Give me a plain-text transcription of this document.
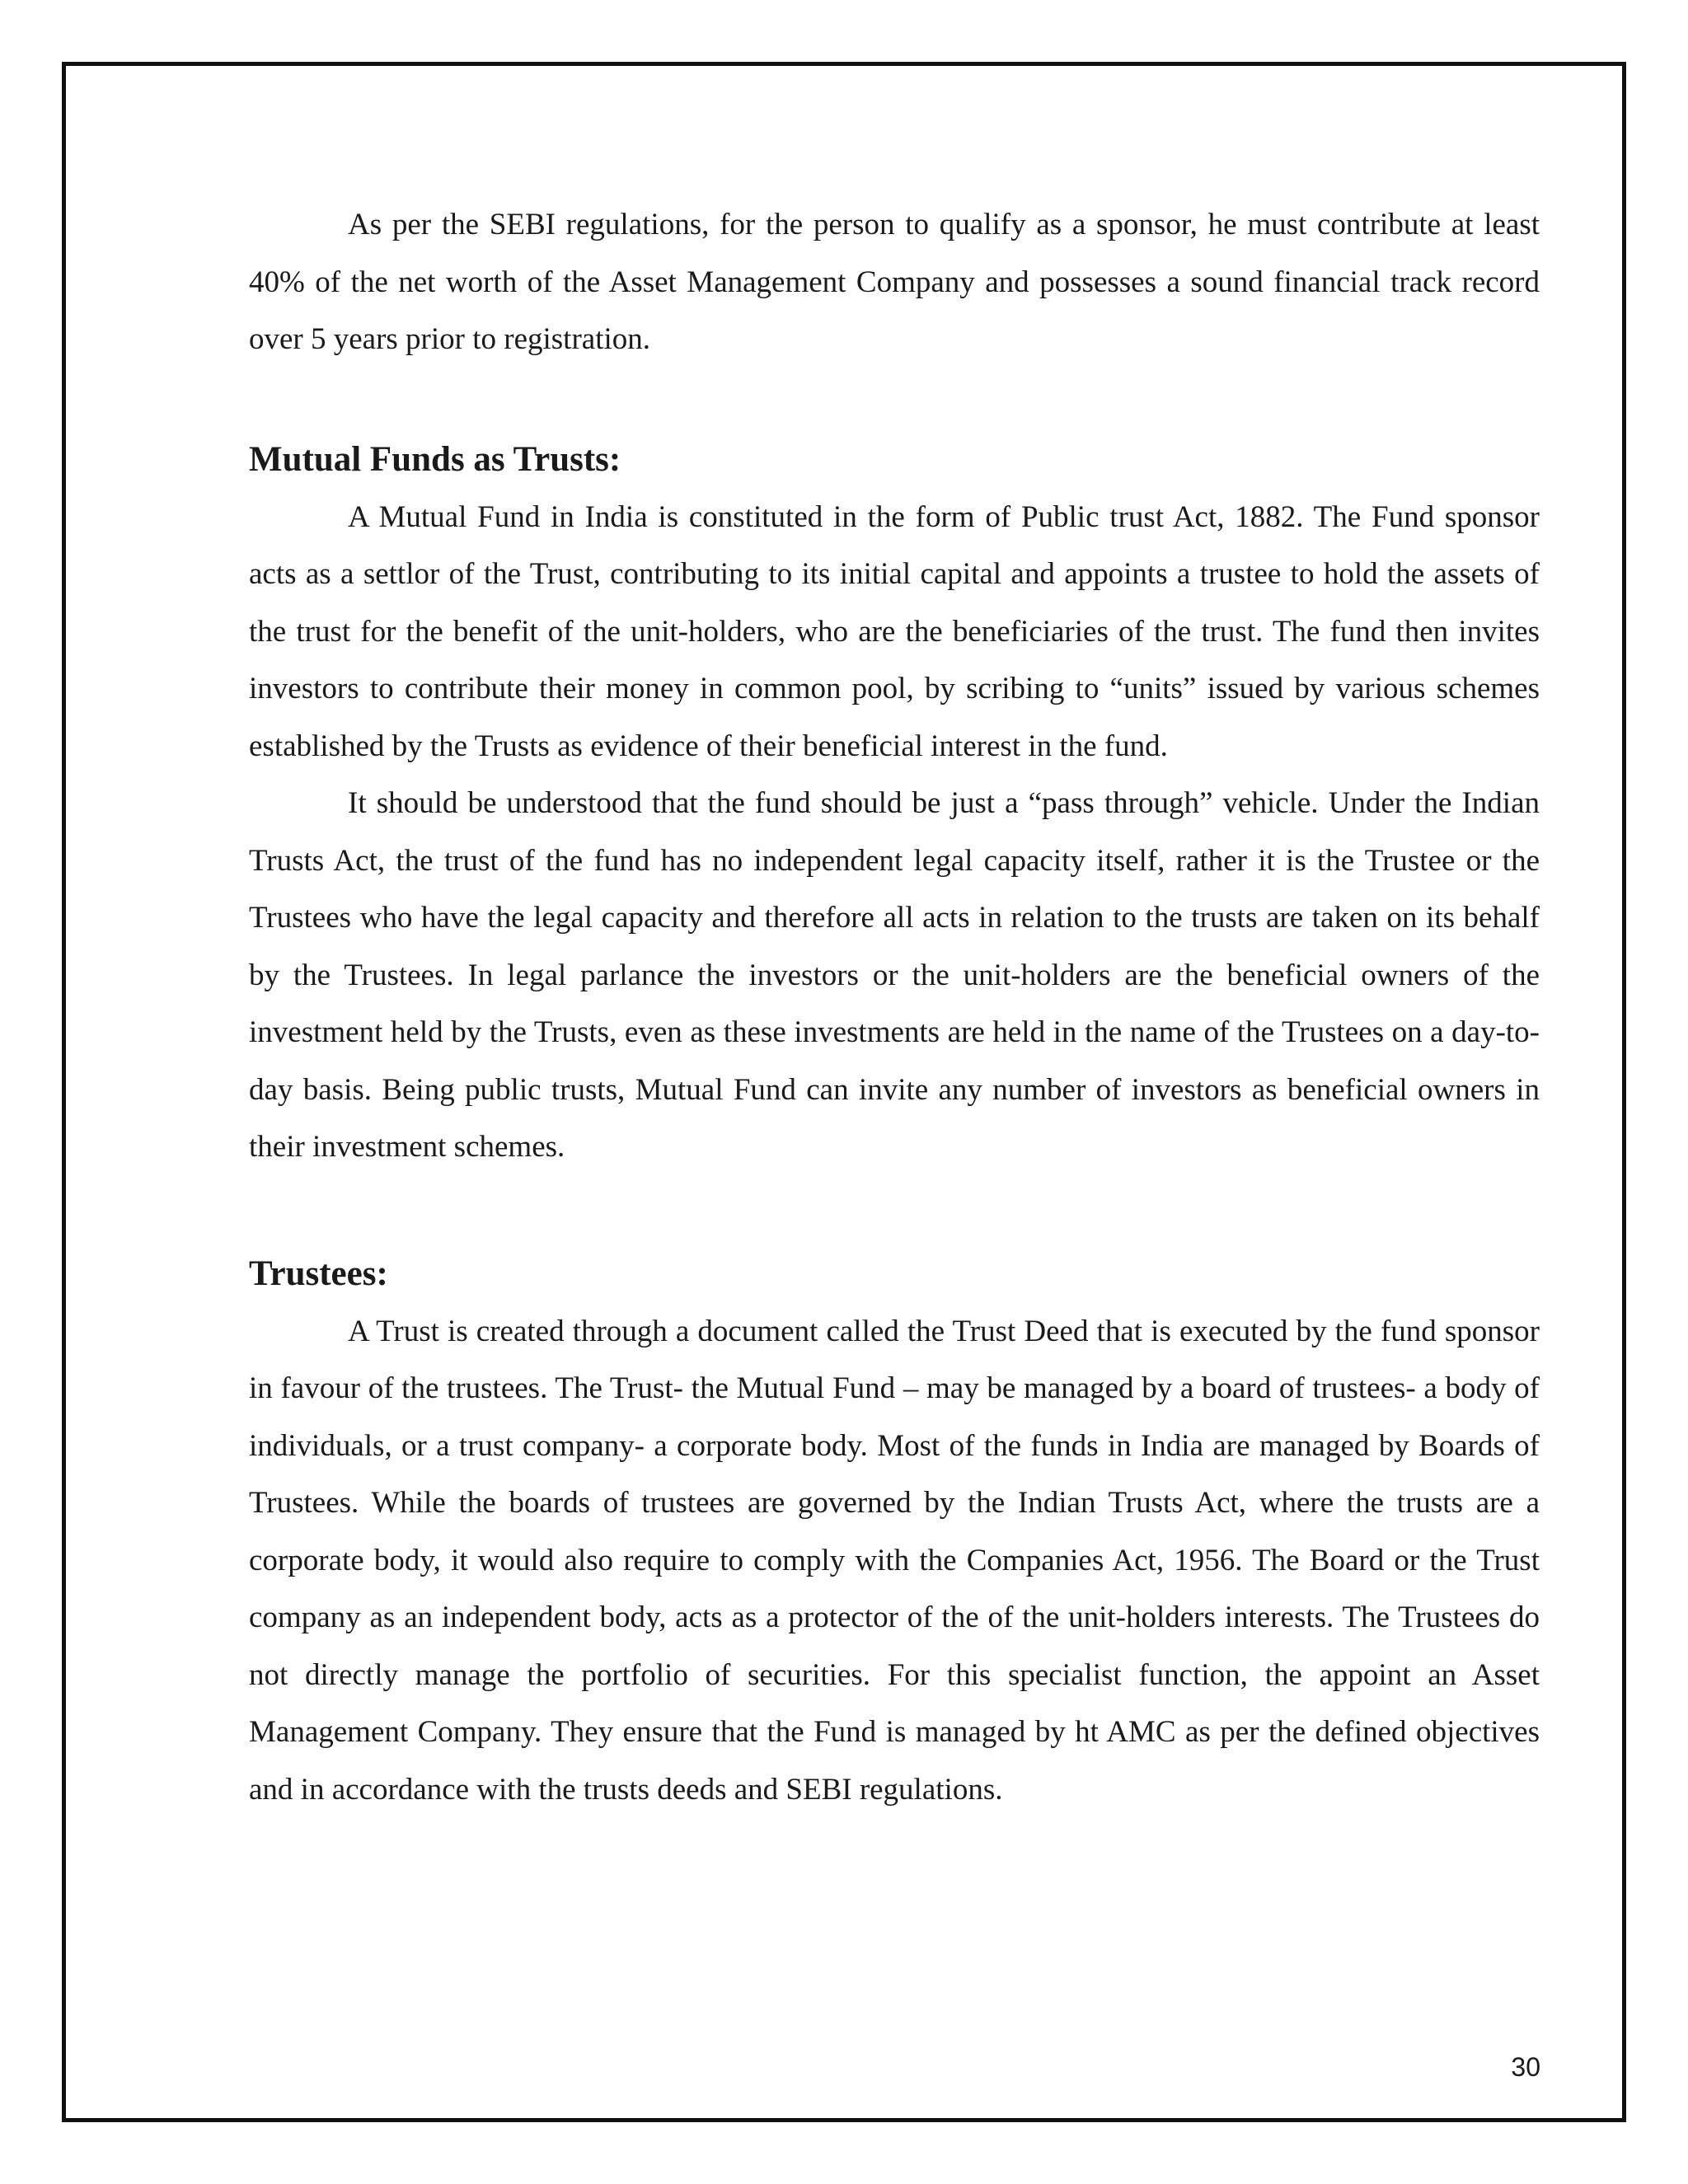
As per the SEBI regulations, for the person to qualify as a sponsor, he must contribute at least 40% of the net worth of the Asset Management Company and possesses a sound financial track record over 5 years prior to registration.

Mutual Funds as Trusts:

A Mutual Fund in India is constituted in the form of Public trust Act, 1882. The Fund sponsor acts as a settlor of the Trust, contributing to its initial capital and appoints a trustee to hold the assets of the trust for the benefit of the unit-holders, who are the beneficiaries of the trust. The fund then invites investors to contribute their money in common pool, by scribing to “units” issued by various schemes established by the Trusts as evidence of their beneficial interest in the fund.

It should be understood that the fund should be just a “pass through” vehicle. Under the Indian Trusts Act, the trust of the fund has no independent legal capacity itself, rather it is the Trustee or the Trustees who have the legal capacity and therefore all acts in relation to the trusts are taken on its behalf by the Trustees. In legal parlance the investors or the unit-holders are the beneficial owners of the investment held by the Trusts, even as these investments are held in the name of the Trustees on a day-to-day basis. Being public trusts, Mutual Fund can invite any number of investors as beneficial owners in their investment schemes.

Trustees:

A Trust is created through a document called the Trust Deed that is executed by the fund sponsor in favour of the trustees. The Trust- the Mutual Fund – may be managed by a board of trustees- a body of individuals, or a trust company- a corporate body. Most of the funds in India are managed by Boards of Trustees. While the boards of trustees are governed by the Indian Trusts Act, where the trusts are a corporate body, it would also require to comply with the Companies Act, 1956. The Board or the Trust company as an independent body, acts as a protector of the of the unit-holders interests. The Trustees do not directly manage the portfolio of securities. For this specialist function, the appoint an Asset Management Company. They ensure that the Fund is managed by ht AMC as per the defined objectives and in accordance with the trusts deeds and SEBI regulations.

30
